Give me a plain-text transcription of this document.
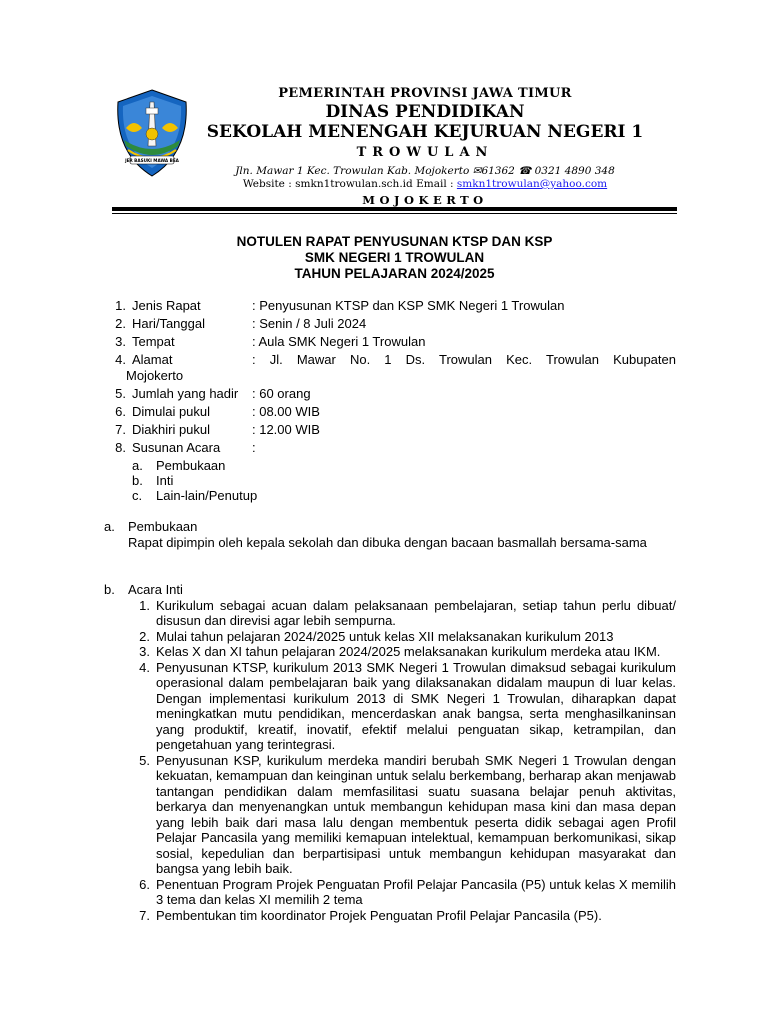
JER BASUKI MAWA BEA
PEMERINTAH PROVINSI JAWA TIMUR
DINAS PENDIDIKAN
SEKOLAH MENENGAH KEJURUAN NEGERI 1
TROWULAN
Jln. Mawar 1 Kec. Trowulan Kab. Mojokerto ✉61362 ☎ 0321 4890 348
Website : smkn1trowulan.sch.id Email : smkn1trowulan@yahoo.com
MOJOKERTO
NOTULEN RAPAT PENYUSUNAN KTSP DAN KSP
SMK NEGERI 1 TROWULAN
TAHUN PELAJARAN 2024/2025
1. Jenis Rapat	: Penyusunan KTSP dan KSP SMK Negeri 1 Trowulan
2. Hari/Tanggal	: Senin / 8 Juli 2024
3. Tempat	: Aula SMK Negeri 1 Trowulan
4. Alamat	: Jl. Mawar No. 1 Ds. Trowulan Kec. Trowulan Kubupaten
Mojokerto
5. Jumlah yang hadir	: 60 orang
6. Dimulai pukul	: 08.00 WIB
7. Diakhiri pukul	: 12.00 WIB
8. Susunan Acara	:
a.	Pembukaan
b.	Inti
c.	Lain-lain/Penutup
a.	Pembukaan
Rapat dipimpin oleh kepala sekolah dan dibuka dengan bacaan basmallah bersama-sama
b.	Acara Inti
1. Kurikulum sebagai acuan dalam pelaksanaan pembelajaran, setiap tahun perlu dibuat/ disusun dan direvisi agar lebih sempurna.
2. Mulai tahun pelajaran 2024/2025 untuk kelas XII melaksanakan kurikulum 2013
3. Kelas X dan XI tahun pelajaran 2024/2025 melaksanakan kurikulum merdeka atau IKM.
4. Penyusunan KTSP, kurikulum 2013 SMK Negeri 1 Trowulan dimaksud sebagai kurikulum operasional dalam pembelajaran baik yang dilaksanakan didalam maupun di luar kelas. Dengan implementasi kurikulum 2013 di SMK Negeri 1 Trowulan, diharapkan dapat meningkatkan mutu pendidikan, mencerdaskan anak bangsa, serta menghasilkaninsan yang produktif, kreatif, inovatif, efektif melalui penguatan sikap, ketrampilan, dan pengetahuan yang terintegrasi.
5. Penyusunan KSP, kurikulum merdeka mandiri berubah SMK Negeri 1 Trowulan dengan kekuatan, kemampuan dan keinginan untuk selalu berkembang, berharap akan menjawab tantangan pendidikan dalam memfasilitasi suatu suasana belajar penuh aktivitas, berkarya dan menyenangkan untuk membangun kehidupan masa kini dan masa depan yang lebih baik dari masa lalu dengan membentuk peserta didik sebagai agen Profil Pelajar Pancasila yang memiliki kemapuan intelektual, kemampuan berkomunikasi, sikap sosial, kepedulian dan berpartisipasi untuk membangun kehidupan masyarakat dan bangsa yang lebih baik.
6. Penentuan Program Projek Penguatan Profil Pelajar Pancasila (P5) untuk kelas X memilih 3 tema dan kelas XI memilih 2 tema
7. Pembentukan tim koordinator Projek Penguatan Profil Pelajar Pancasila (P5).
